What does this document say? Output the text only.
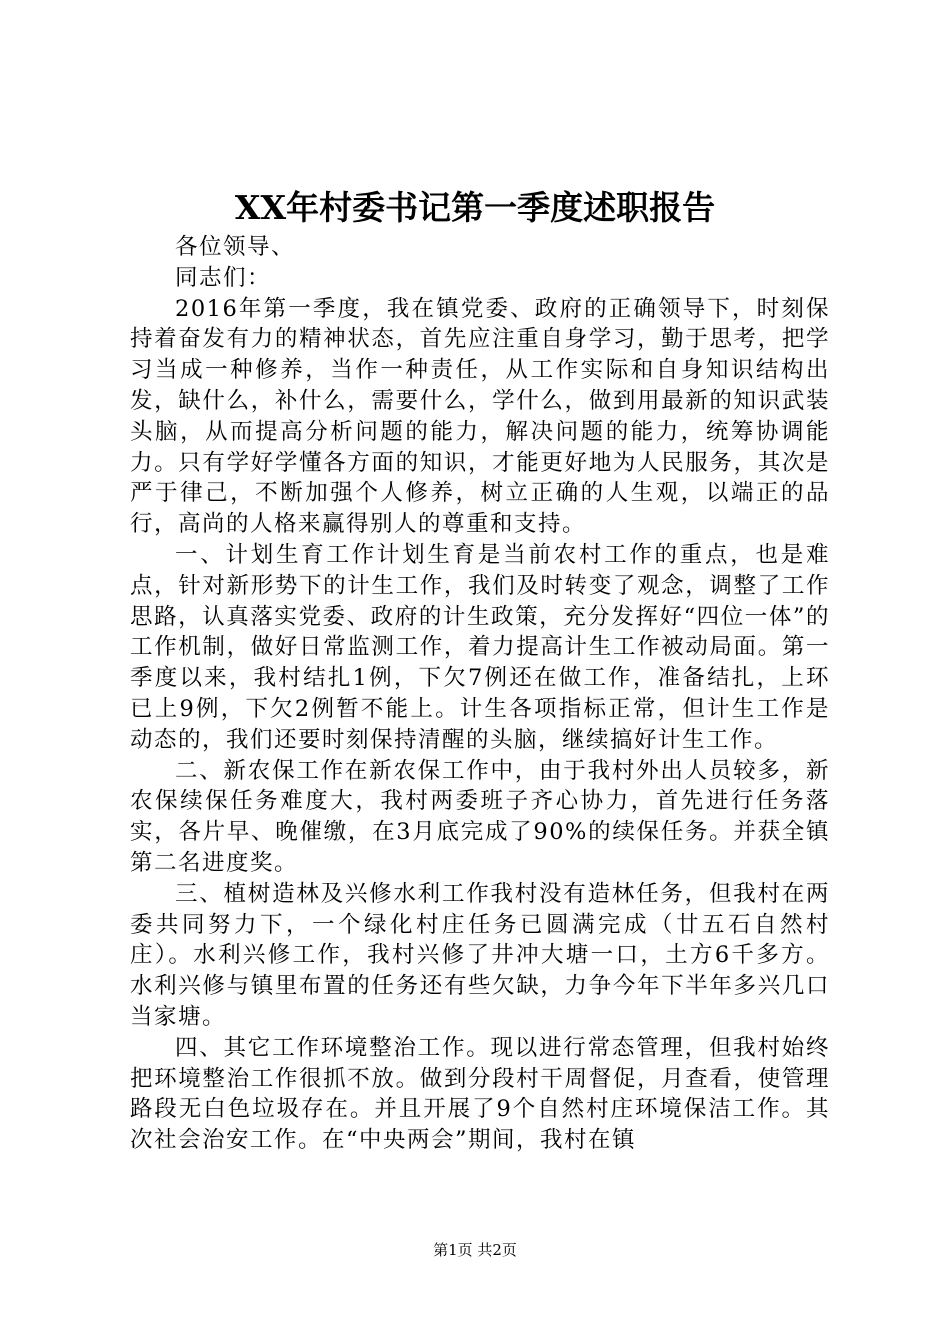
XX年村委书记第一季度述职报告

各位领导、

同志们：

2016年第一季度，我在镇党委、政府的正确领导下，时刻保持着奋发有力的精神状态，首先应注重自身学习，勤于思考，把学习当成一种修养，当作一种责任，从工作实际和自身知识结构出发，缺什么，补什么，需要什么，学什么，做到用最新的知识武装头脑，从而提高分析问题的能力，解决问题的能力，统筹协调能力。只有学好学懂各方面的知识，才能更好地为人民服务，其次是严于律己，不断加强个人修养，树立正确的人生观，以端正的品行，高尚的人格来赢得别人的尊重和支持。

一、计划生育工作计划生育是当前农村工作的重点，也是难点，针对新形势下的计生工作，我们及时转变了观念，调整了工作思路，认真落实党委、政府的计生政策，充分发挥好“四位一体”的工作机制，做好日常监测工作，着力提高计生工作被动局面。第一季度以来，我村结扎1例，下欠7例还在做工作，准备结扎，上环已上9例，下欠2例暂不能上。计生各项指标正常，但计生工作是动态的，我们还要时刻保持清醒的头脑，继续搞好计生工作。

二、新农保工作在新农保工作中，由于我村外出人员较多，新农保续保任务难度大，我村两委班子齐心协力，首先进行任务落实，各片早、晚催缴，在3月底完成了90%的续保任务。并获全镇第二名进度奖。

三、植树造林及兴修水利工作我村没有造林任务，但我村在两委共同努力下，一个绿化村庄任务已圆满完成（廿五石自然村庄）。水利兴修工作，我村兴修了井冲大塘一口，土方6千多方。水利兴修与镇里布置的任务还有些欠缺，力争今年下半年多兴几口当家塘。

四、其它工作环境整治工作。现以进行常态管理，但我村始终把环境整治工作很抓不放。做到分段村干周督促，月查看，使管理路段无白色垃圾存在。并且开展了9个自然村庄环境保洁工作。其次社会治安工作。在“中央两会”期间，我村在镇

第1页 共2页
